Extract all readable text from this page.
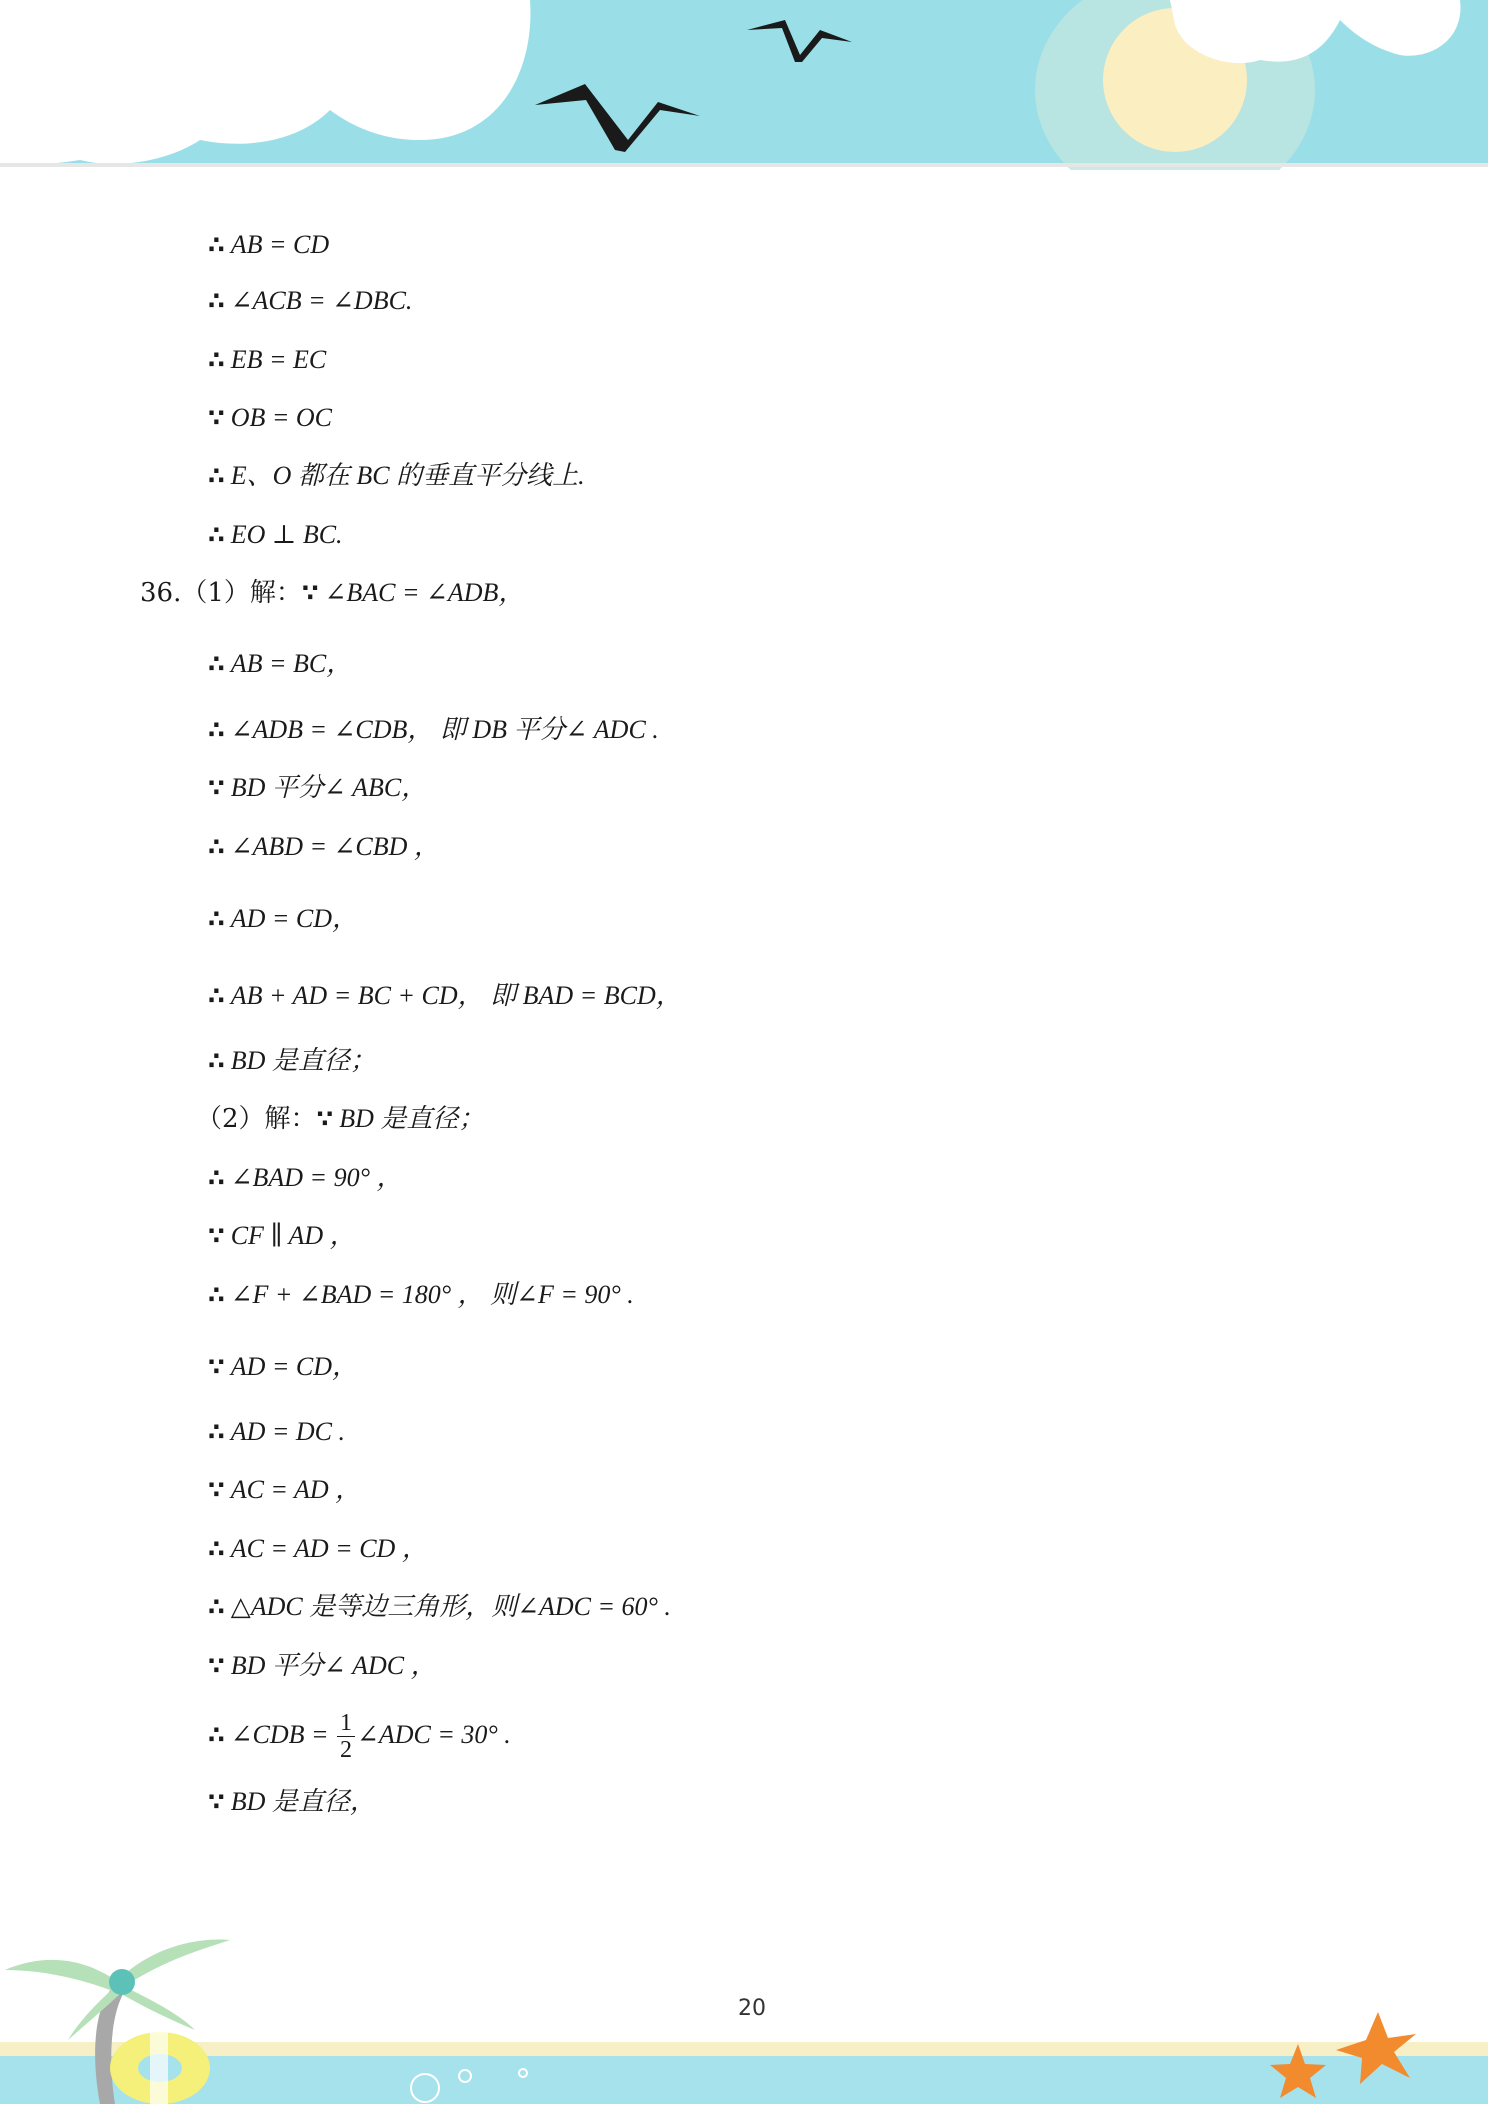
∴ AB = CD
∴ ∠ACB = ∠DBC.
∴ EB = EC
∵ OB = OC
∴ E、O 都在 BC 的垂直平分线上.
∴ EO ⊥ BC.
36.（1）解：∵ ∠BAC = ∠ADB，
∴ AB = BC，
∴ ∠ADB = ∠CDB， 即 DB 平分∠ ADC .
∵ BD 平分∠ ABC，
∴ ∠ABD = ∠CBD ，
∴ AD = CD，
∴ AB + AD = BC + CD， 即 BAD = BCD，
∴ BD 是直径；
（2）解：∵ BD 是直径；
∴ ∠BAD = 90° ，
∵ CF ∥ AD ，
∴ ∠F + ∠BAD = 180° ， 则∠F = 90° .
∵ AD = CD，
∴ AD = DC .
∵ AC = AD ，
∴ AC = AD = CD ，
∴ △ADC 是等边三角形，则∠ADC = 60° .
∵ BD 平分∠ ADC ，
∴ ∠CDB = $\frac{1}{2}$ ∠ADC = 30° .
∵ BD 是直径，
20
